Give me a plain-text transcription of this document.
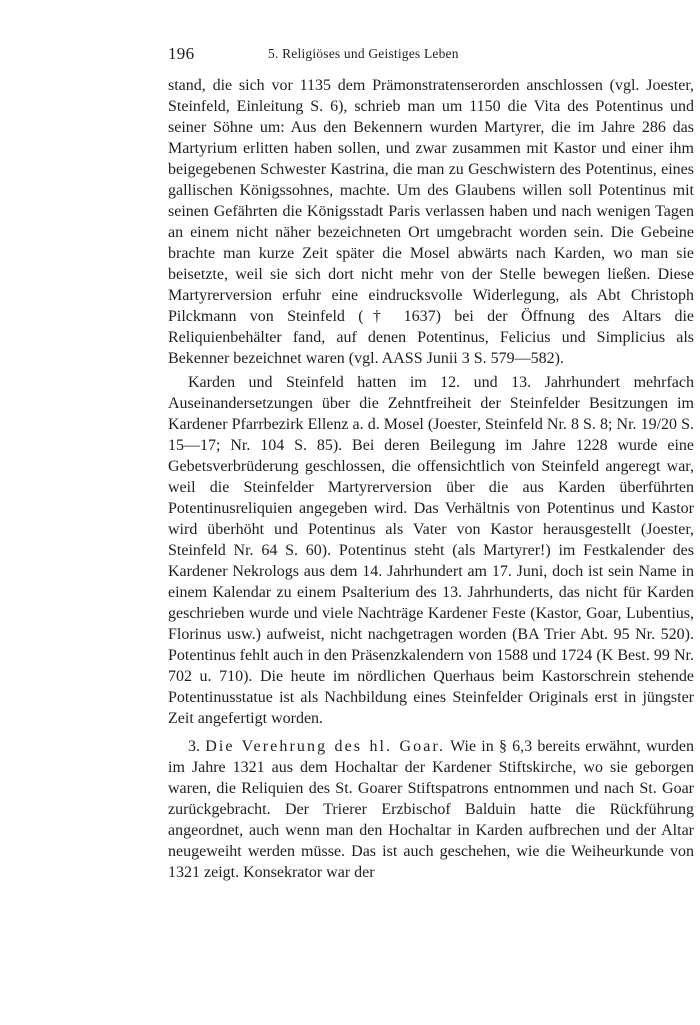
196	5. Religiöses und Geistiges Leben

stand, die sich vor 1135 dem Prämonstratenserorden anschlossen (vgl. Joester, Steinfeld, Einleitung S. 6), schrieb man um 1150 die Vita des Potentinus und seiner Söhne um: Aus den Bekennern wurden Martyrer, die im Jahre 286 das Martyrium erlitten haben sollen, und zwar zusammen mit Kastor und einer ihm beigegebenen Schwester Kastrina, die man zu Geschwistern des Potentinus, eines gallischen Königssohnes, machte. Um des Glaubens willen soll Potentinus mit seinen Gefährten die Königsstadt Paris verlassen haben und nach wenigen Tagen an einem nicht näher bezeichneten Ort umgebracht worden sein. Die Gebeine brachte man kurze Zeit später die Mosel abwärts nach Karden, wo man sie beisetzte, weil sie sich dort nicht mehr von der Stelle bewegen ließen. Diese Martyrerversion erfuhr eine eindrucksvolle Widerlegung, als Abt Christoph Pilckmann von Steinfeld († 1637) bei der Öffnung des Altars die Reliquienbehälter fand, auf denen Potentinus, Felicius und Simplicius als Bekenner bezeichnet waren (vgl. AASS Junii 3 S. 579—582).

Karden und Steinfeld hatten im 12. und 13. Jahrhundert mehrfach Auseinandersetzungen über die Zehntfreiheit der Steinfelder Besitzungen im Kardener Pfarrbezirk Ellenz a. d. Mosel (Joester, Steinfeld Nr. 8 S. 8; Nr. 19/20 S. 15—17; Nr. 104 S. 85). Bei deren Beilegung im Jahre 1228 wurde eine Gebetsverbrüderung geschlossen, die offensichtlich von Steinfeld angeregt war, weil die Steinfelder Martyrerversion über die aus Karden überführten Potentinusreliquien angegeben wird. Das Verhältnis von Potentinus und Kastor wird überhöht und Potentinus als Vater von Kastor herausgestellt (Joester, Steinfeld Nr. 64 S. 60). Potentinus steht (als Martyrer!) im Festkalender des Kardener Nekrologs aus dem 14. Jahrhundert am 17. Juni, doch ist sein Name in einem Kalendar zu einem Psalterium des 13. Jahrhunderts, das nicht für Karden geschrieben wurde und viele Nachträge Kardener Feste (Kastor, Goar, Lubentius, Florinus usw.) aufweist, nicht nachgetragen worden (BA Trier Abt. 95 Nr. 520). Potentinus fehlt auch in den Präsenzkalendern von 1588 und 1724 (K Best. 99 Nr. 702 u. 710). Die heute im nördlichen Querhaus beim Kastorschrein stehende Potentinusstatue ist als Nachbildung eines Steinfelder Originals erst in jüngster Zeit angefertigt worden.

3. Die Verehrung des hl. Goar. Wie in § 6,3 bereits erwähnt, wurden im Jahre 1321 aus dem Hochaltar der Kardener Stiftskirche, wo sie geborgen waren, die Reliquien des St. Goarer Stiftspatrons entnommen und nach St. Goar zurückgebracht. Der Trierer Erzbischof Balduin hatte die Rückführung angeordnet, auch wenn man den Hochaltar in Karden aufbrechen und der Altar neugeweiht werden müsse. Das ist auch geschehen, wie die Weiheurkunde von 1321 zeigt. Konsekrator war der
